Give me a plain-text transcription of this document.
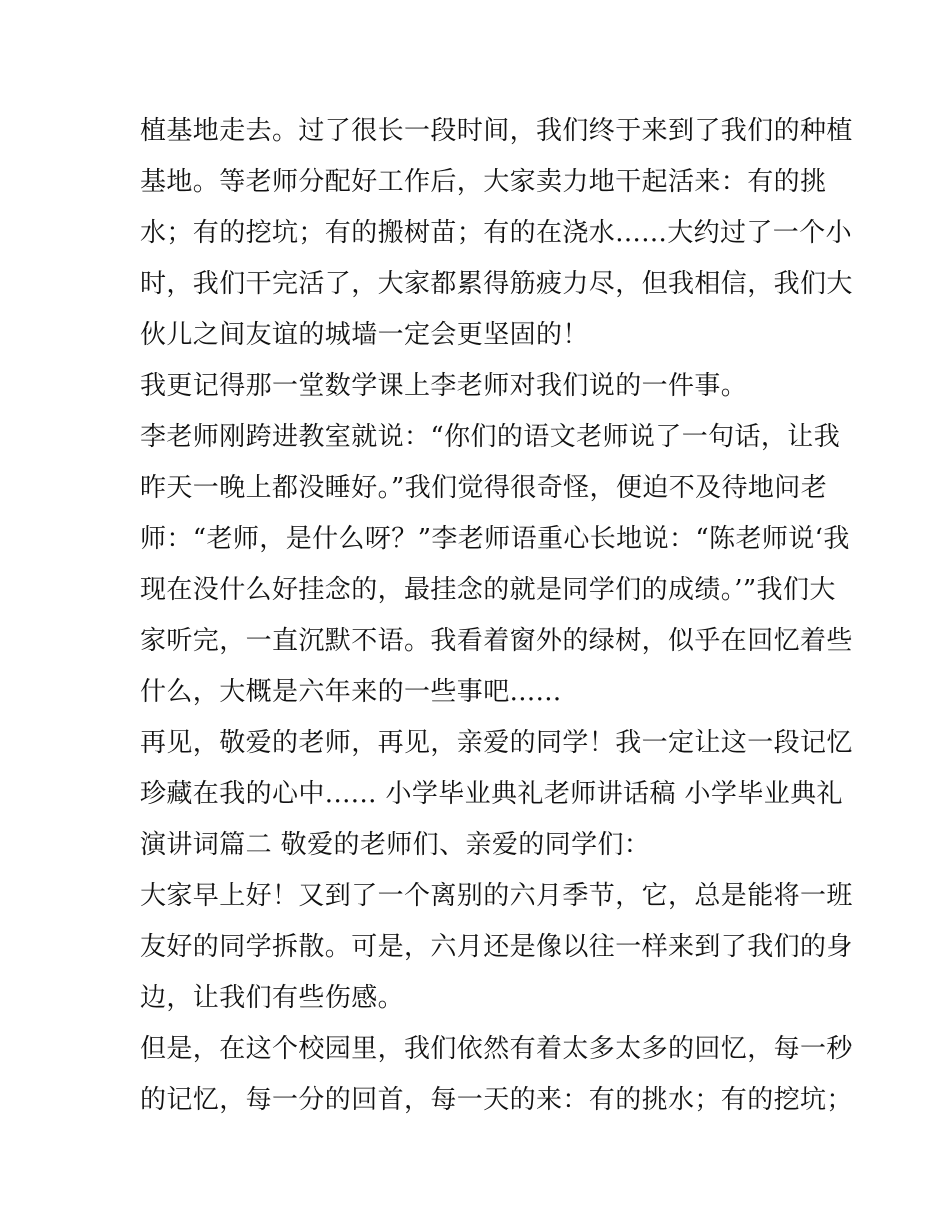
植基地走去。过了很长一段时间，我们终于来到了我们的种植
基地。等老师分配好工作后，大家卖力地干起活来：有的挑
水；有的挖坑；有的搬树苗；有的在浇水......大约过了一个小
时，我们干完活了，大家都累得筋疲力尽，但我相信，我们大
伙儿之间友谊的城墙一定会更坚固的！
我更记得那一堂数学课上李老师对我们说的一件事。
李老师刚跨进教室就说：“你们的语文老师说了一句话，让我
昨天一晚上都没睡好。”我们觉得很奇怪，便迫不及待地问老
师：“老师，是什么呀？”李老师语重心长地说：“陈老师说‘我
现在没什么好挂念的，最挂念的就是同学们的成绩。’”我们大
家听完，一直沉默不语。我看着窗外的绿树，似乎在回忆着些
什么，大概是六年来的一些事吧......
再见，敬爱的老师，再见，亲爱的同学！我一定让这一段记忆
珍藏在我的心中...... 小学毕业典礼老师讲话稿 小学毕业典礼
演讲词篇二 敬爱的老师们、亲爱的同学们：
大家早上好！又到了一个离别的六月季节，它，总是能将一班
友好的同学拆散。可是，六月还是像以往一样来到了我们的身
边，让我们有些伤感。
但是，在这个校园里，我们依然有着太多太多的回忆，每一秒
的记忆，每一分的回首，每一天的来：有的挑水；有的挖坑；
